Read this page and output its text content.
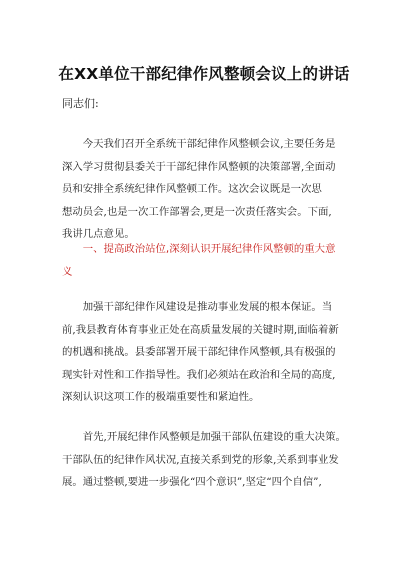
在XX单位干部纪律作风整顿会议上的讲话
同志们:
　　今天我们召开全系统干部纪律作风整顿会议,主要任务是
深入学习贯彻县委关于干部纪律作风整顿的决策部署,全面动
员和安排全系统纪律作风整顿工作。这次会议既是一次思
想动员会,也是一次工作部署会,更是一次责任落实会。下面,
我讲几点意见。
　　一、提高政治站位,深刻认识开展纪律作风整顿的重大意
义
　　加强干部纪律作风建设是推动事业发展的根本保证。当
前,我县教育体育事业正处在高质量发展的关键时期,面临着新
的机遇和挑战。县委部署开展干部纪律作风整顿,具有极强的
现实针对性和工作指导性。我们必须站在政治和全局的高度,
深刻认识这项工作的极端重要性和紧迫性。
　　首先,开展纪律作风整顿是加强干部队伍建设的重大决策。
干部队伍的纪律作风状况,直接关系到党的形象,关系到事业发
展。通过整顿,要进一步强化“四个意识”,坚定“四个自信”,
